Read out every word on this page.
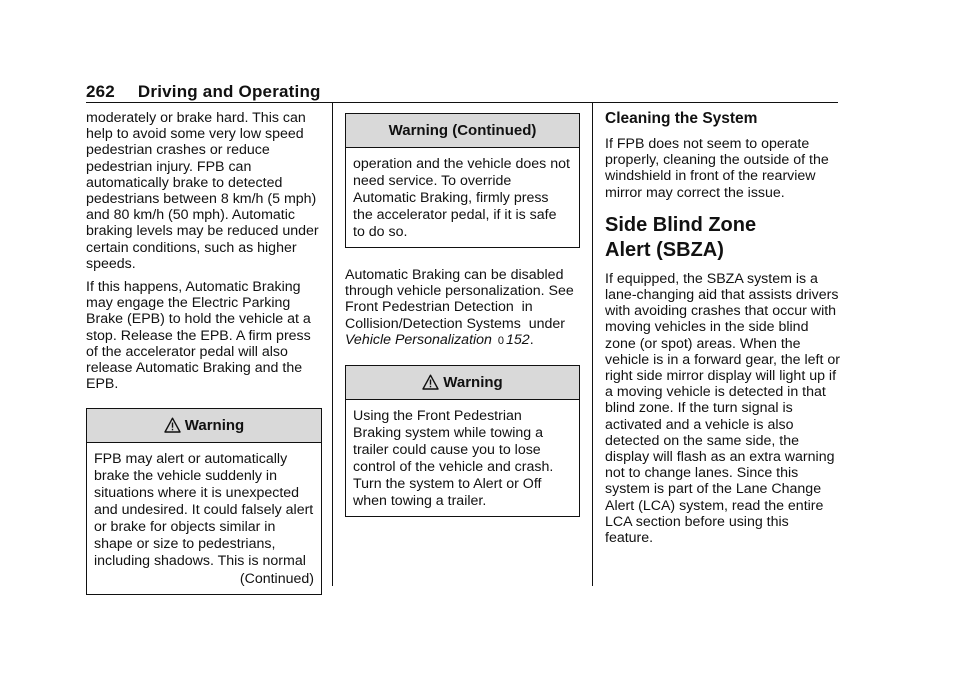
262 Driving and Operating

moderately or brake hard. This can help to avoid some very low speed pedestrian crashes or reduce pedestrian injury. FPB can automatically brake to detected pedestrians between 8 km/h (5 mph) and 80 km/h (50 mph). Automatic braking levels may be reduced under certain conditions, such as higher speeds.

If this happens, Automatic Braking may engage the Electric Parking Brake (EPB) to hold the vehicle at a stop. Release the EPB. A firm press of the accelerator pedal will also release Automatic Braking and the EPB.

Warning
FPB may alert or automatically brake the vehicle suddenly in situations where it is unexpected and undesired. It could falsely alert or brake for objects similar in shape or size to pedestrians, including shadows. This is normal
(Continued)
Warning (Continued)
operation and the vehicle does not need service. To override Automatic Braking, firmly press the accelerator pedal, if it is safe to do so.

Automatic Braking can be disabled through vehicle personalization. See  Front Pedestrian Detection  in   Collision/Detection Systems  under Vehicle Personalization 0 152.

Warning
Using the Front Pedestrian Braking system while towing a trailer could cause you to lose control of the vehicle and crash. Turn the system to Alert or Off when towing a trailer.
Cleaning the System

If FPB does not seem to operate properly, cleaning the outside of the windshield in front of the rearview mirror may correct the issue.

Side Blind Zone
Alert (SBZA)

If equipped, the SBZA system is a lane-changing aid that assists drivers with avoiding crashes that occur with moving vehicles in the side blind zone (or spot) areas. When the vehicle is in a forward gear, the left or right side mirror display will light up if a moving vehicle is detected in that blind zone. If the turn signal is activated and a vehicle is also detected on the same side, the display will flash as an extra warning not to change lanes. Since this system is part of the Lane Change Alert (LCA) system, read the entire LCA section before using this feature.
